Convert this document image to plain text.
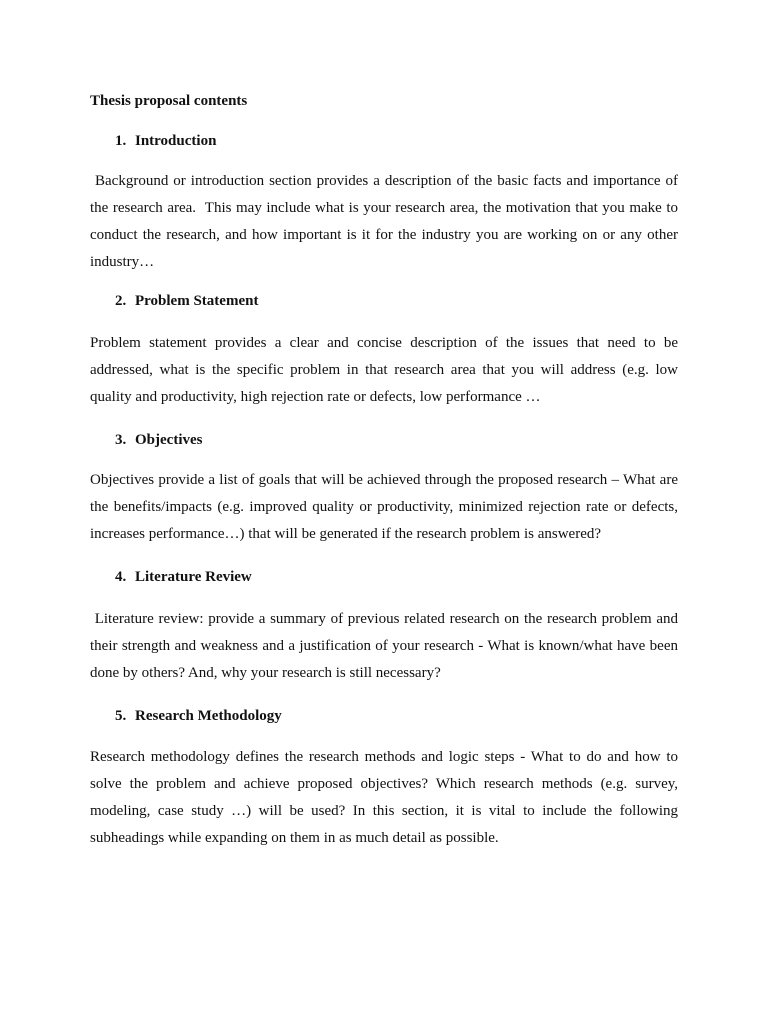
Thesis proposal contents
1. Introduction

Background or introduction section provides a description of the basic facts and importance of the research area.  This may include what is your research area, the motivation that you make to conduct the research, and how important is it for the industry you are working on or any other industry…

2. Problem Statement

Problem statement provides a clear and concise description of the issues that need to be addressed, what is the specific problem in that research area that you will address (e.g. low quality and productivity, high rejection rate or defects, low performance …

3. Objectives

Objectives provide a list of goals that will be achieved through the proposed research – What are the benefits/impacts (e.g. improved quality or productivity, minimized rejection rate or defects, increases performance…) that will be generated if the research problem is answered?

4. Literature Review

Literature review: provide a summary of previous related research on the research problem and their strength and weakness and a justification of your research - What is known/what have been done by others? And, why your research is still necessary?

5. Research Methodology

Research methodology defines the research methods and logic steps - What to do and how to solve the problem and achieve proposed objectives? Which research methods (e.g. survey, modeling, case study …) will be used? In this section, it is vital to include the following subheadings while expanding on them in as much detail as possible.
